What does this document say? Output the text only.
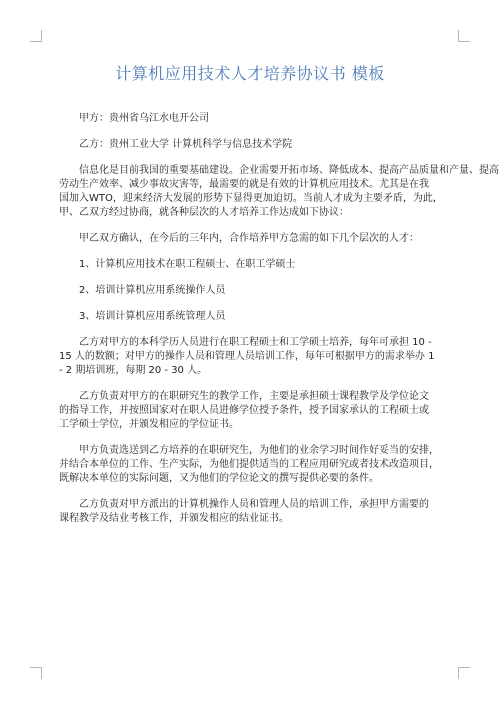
计算机应用技术人才培养协议书 模板

甲方：贵州省乌江水电开公司

乙方：贵州工业大学 计算机科学与信息技术学院

信息化是目前我国的重要基础建设。企业需要开拓市场、降低成本、提高产品质量和产量、提高
劳动生产效率、减少事故灾害等，最需要的就是有效的计算机应用技术。尤其是在我
国加入WTO，迎来经济大发展的形势下显得更加迫切。当前人才成为主要矛盾，为此，
甲、乙双方经过协商，就各种层次的人才培养工作达成如下协议：

甲乙双方确认，在今后的三年内，合作培养甲方急需的如下几个层次的人才：

1、计算机应用技术在职工程硕士、在职工学硕士

2、培训计算机应用系统操作人员

3、培训计算机应用系统管理人员

乙方对甲方的本科学历人员进行在职工程硕士和工学硕士培养，每年可承担 10 -
15 人的数额；对甲方的操作人员和管理人员培训工作，每年可根据甲方的需求举办 1
- 2 期培训班，每期 20 - 30 人。

乙方负责对甲方的在职研究生的教学工作，主要是承担硕士课程教学及学位论文
的指导工作，并按照国家对在职人员进修学位授予条件，授予国家承认的工程硕士或
工学硕士学位，并颁发相应的学位证书。

甲方负责选送到乙方培养的在职研究生，为他们的业余学习时间作好妥当的安排，
并结合本单位的工作、生产实际，为他们提供适当的工程应用研究或者技术改造项目，
既解决本单位的实际问题，又为他们的学位论文的撰写提供必要的条件。

乙方负责对甲方派出的计算机操作人员和管理人员的培训工作，承担甲方需要的
课程教学及结业考核工作，并颁发相应的结业证书。
